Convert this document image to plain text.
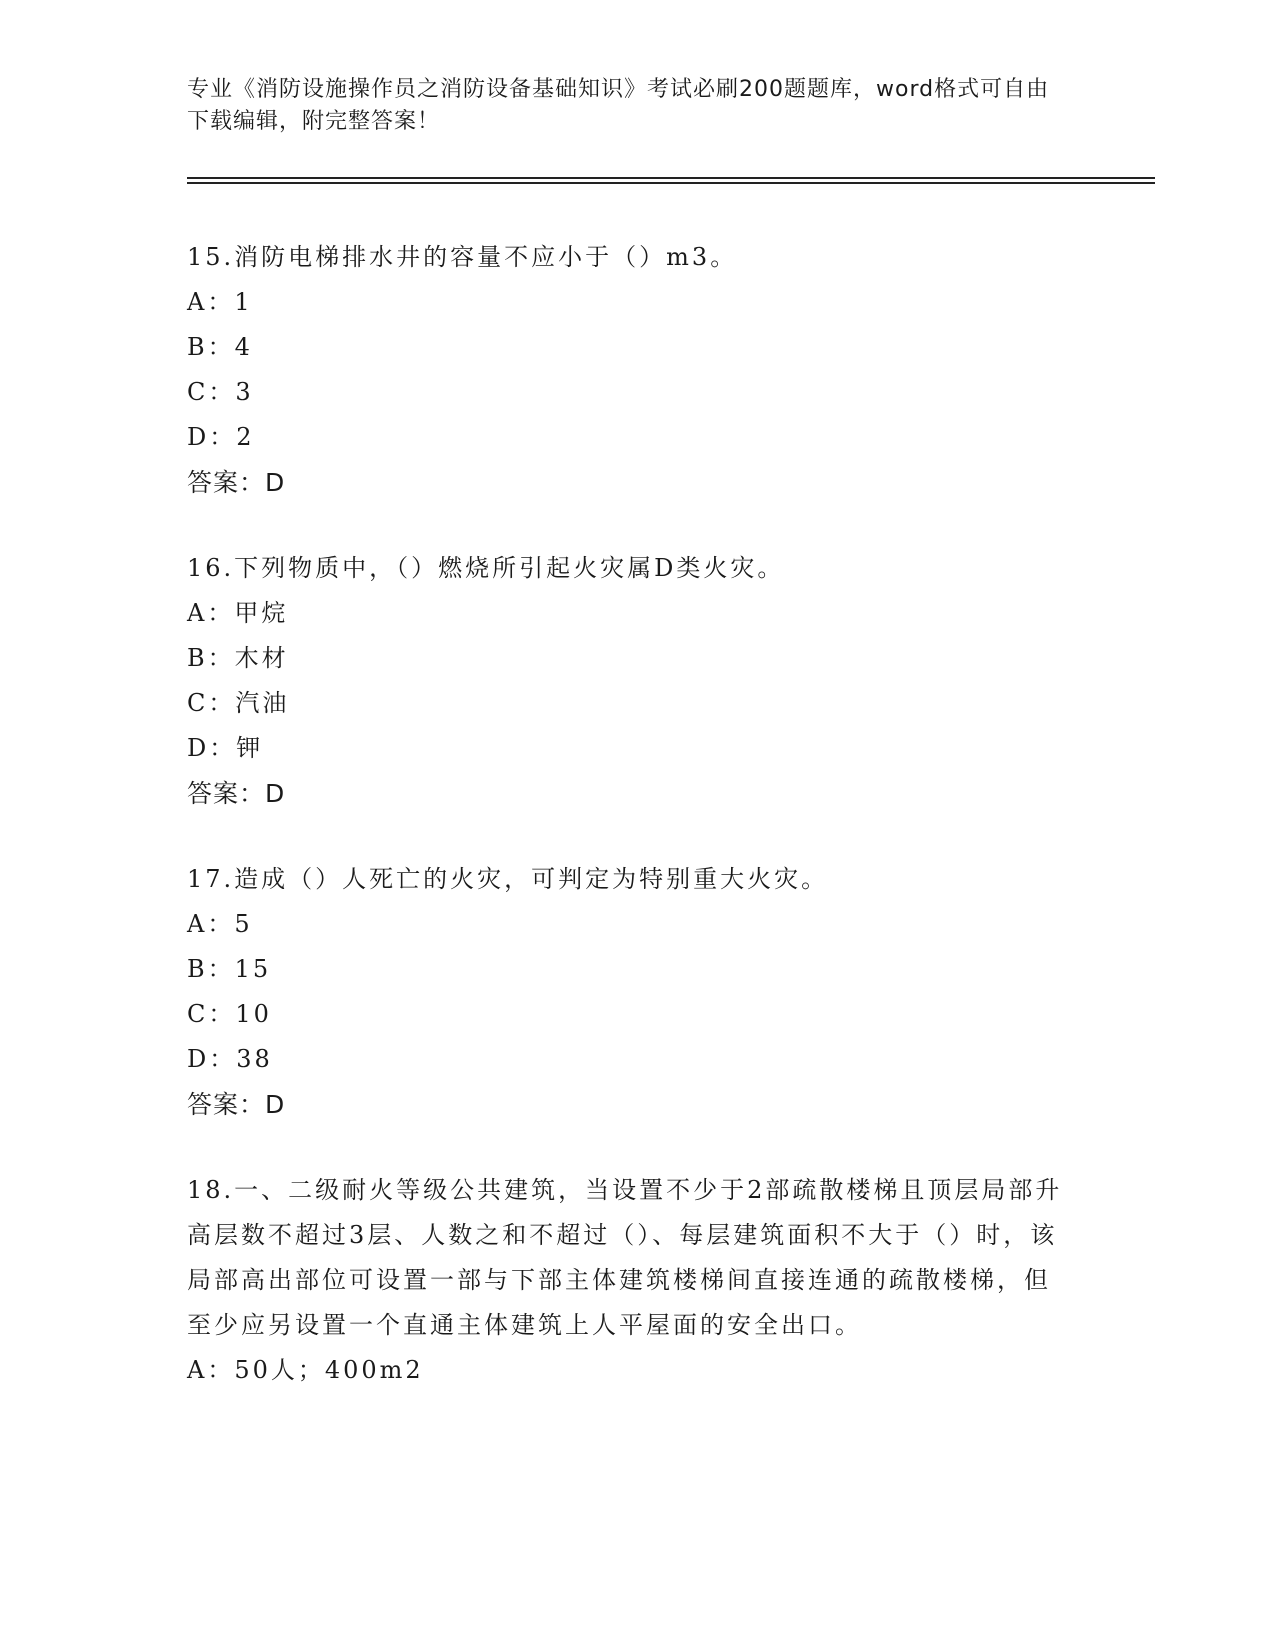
专业《消防设施操作员之消防设备基础知识》考试必刷200题题库，word格式可自由下载编辑，附完整答案！
15.消防电梯排水井的容量不应小于（）m3。
A：1
B：4
C：3
D：2
答案：D
16.下列物质中，（）燃烧所引起火灾属D类火灾。
A：甲烷
B：木材
C：汽油
D：钾
答案：D
17.造成（）人死亡的火灾，可判定为特别重大火灾。
A：5
B：15
C：10
D：38
答案：D
18.一、二级耐火等级公共建筑，当设置不少于2部疏散楼梯且顶层局部升高层数不超过3层、人数之和不超过（）、每层建筑面积不大于（）时，该局部高出部位可设置一部与下部主体建筑楼梯间直接连通的疏散楼梯，但至少应另设置一个直通主体建筑上人平屋面的安全出口。
A：50人；400m2
